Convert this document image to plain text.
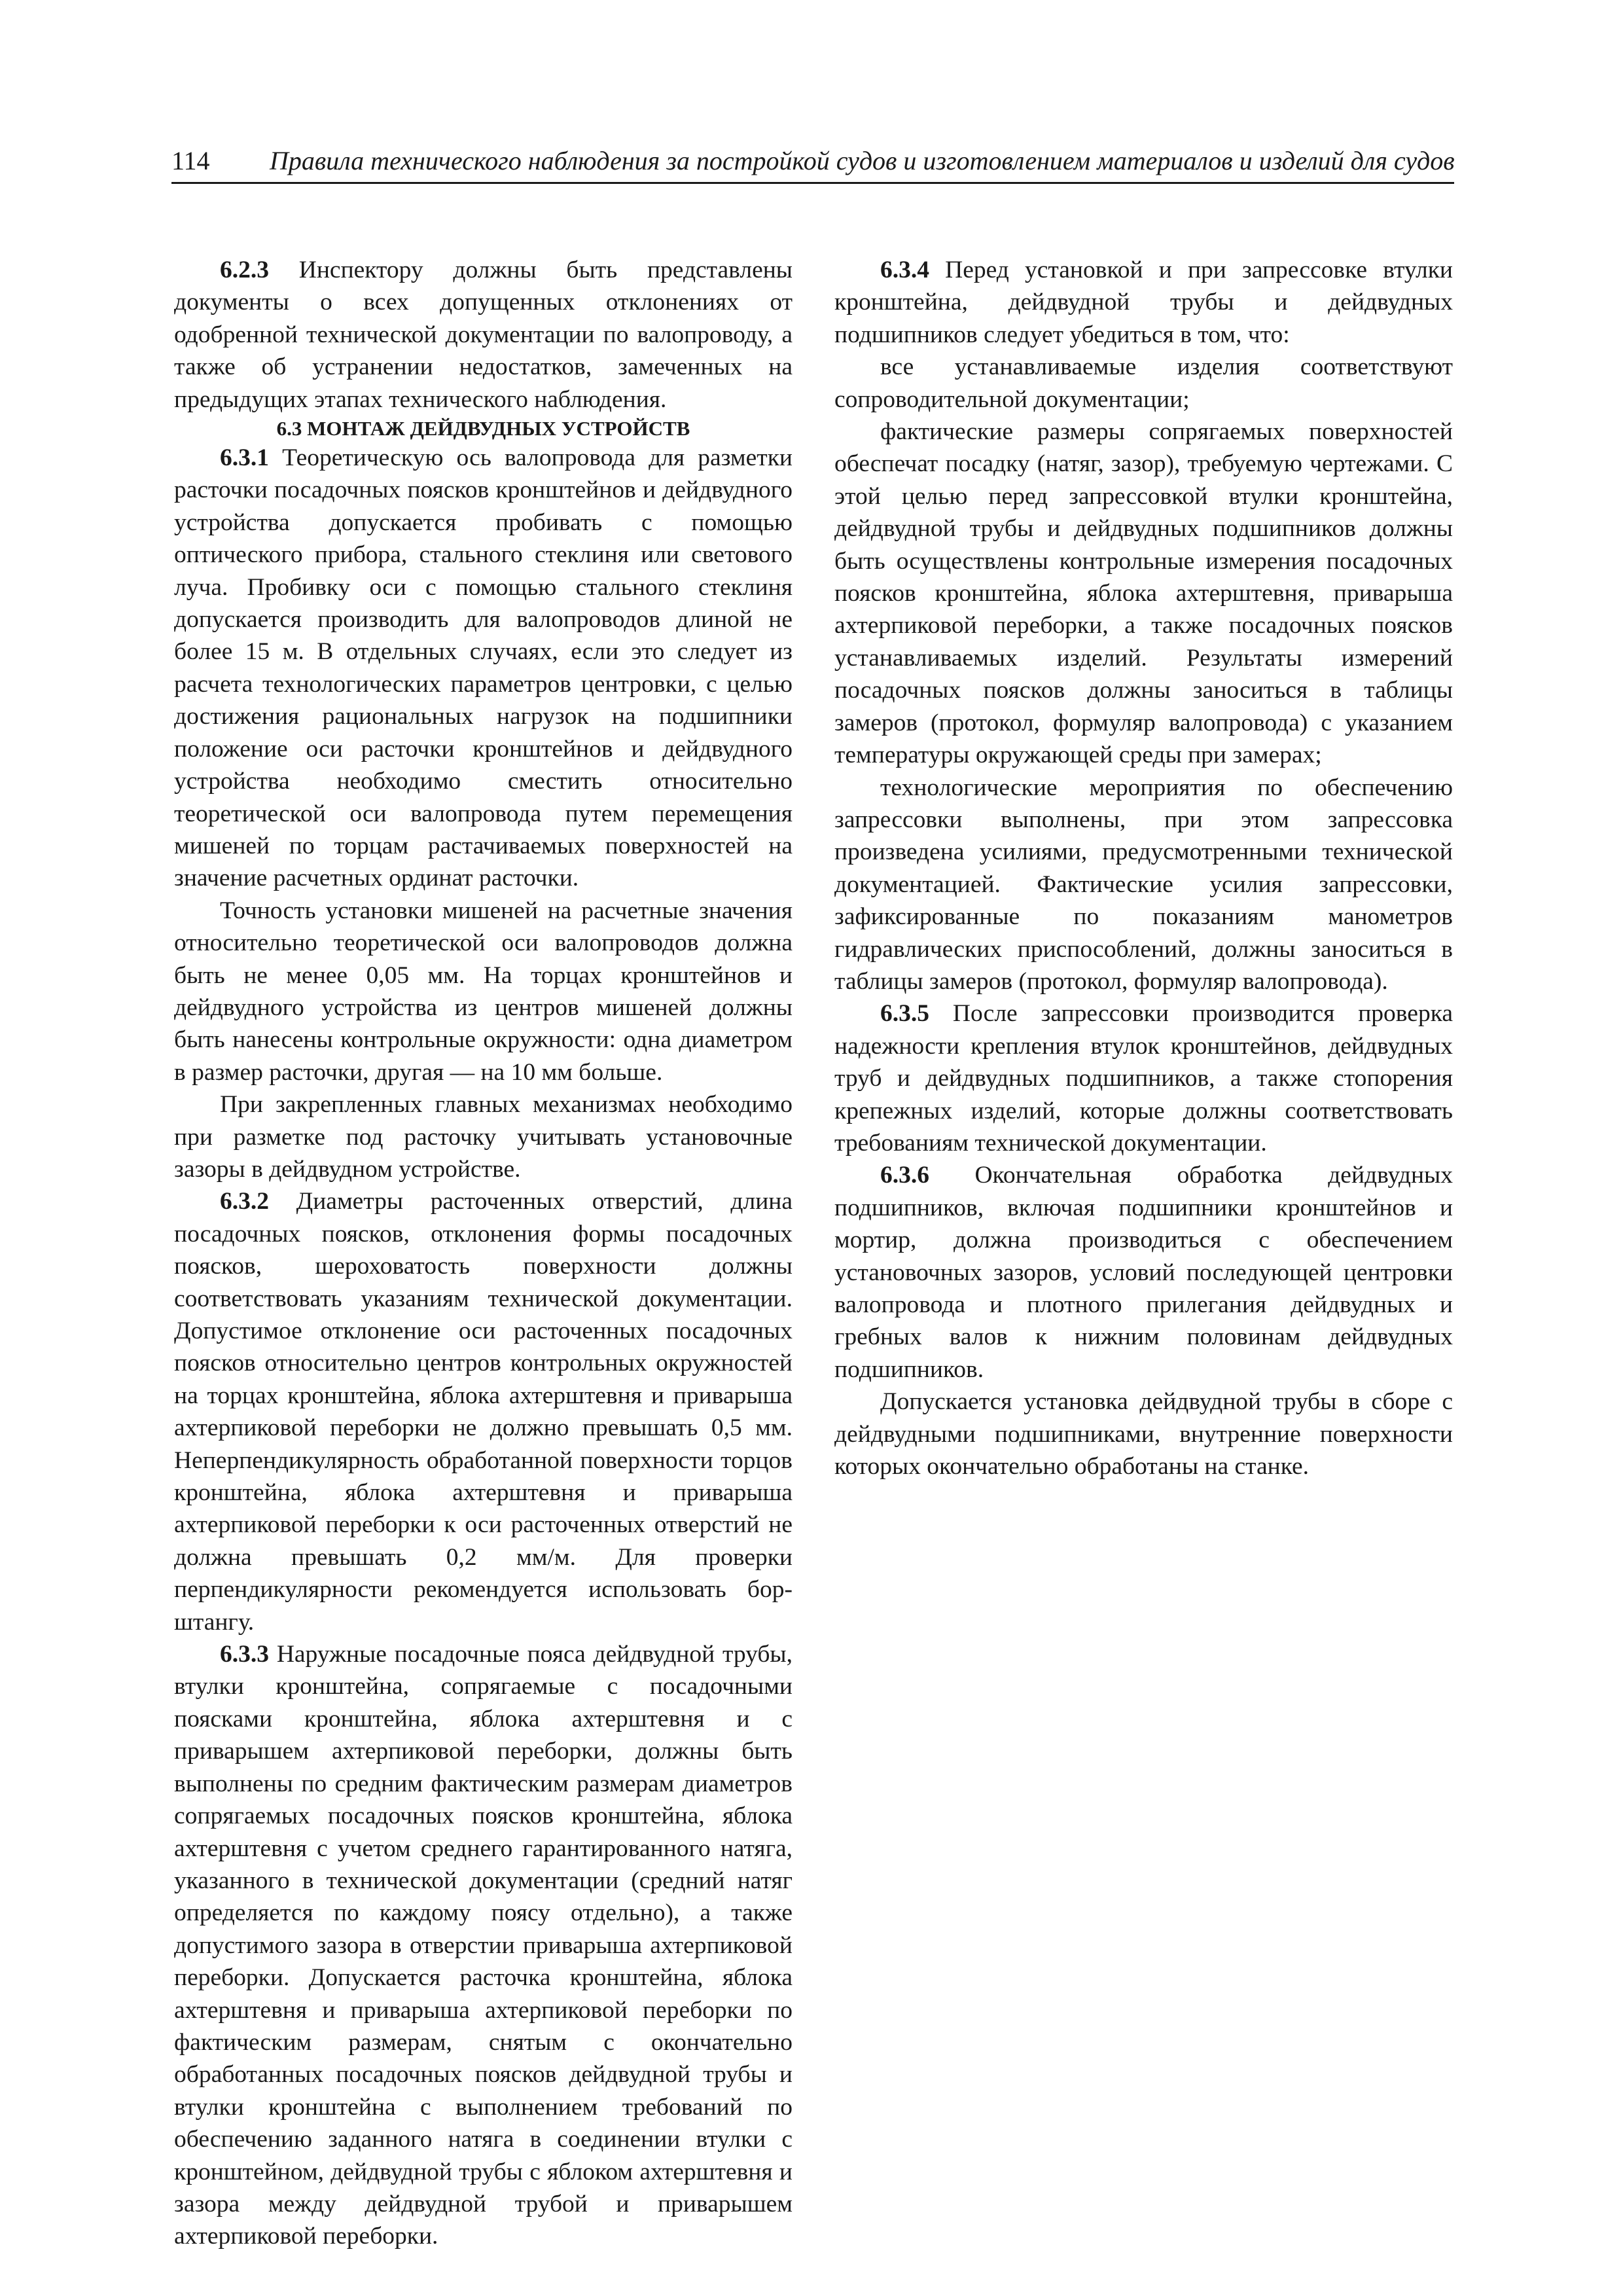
114 Правила технического наблюдения за постройкой судов и изготовлением материалов и изделий для судов

6.2.3 Инспектору должны быть представлены документы о всех допущенных отклонениях от одобренной технической документации по валопроводу, а также об устранении недостатков, замеченных на предыдущих этапах технического наблюдения.

6.3 МОНТАЖ ДЕЙДВУДНЫХ УСТРОЙСТВ

6.3.1 Теоретическую ось валопровода для разметки расточки посадочных поясков кронштейнов и дейдвудного устройства допускается пробивать с помощью оптического прибора, стального стеклиня или светового луча. Пробивку оси с помощью стального стеклиня допускается производить для валопроводов длиной не более 15 м. В отдельных случаях, если это следует из расчета технологических параметров центровки, с целью достижения рациональных нагрузок на подшипники положение оси расточки кронштейнов и дейдвудного устройства необходимо сместить относительно теоретической оси валопровода путем перемещения мишеней по торцам растачиваемых поверхностей на значение расчетных ординат расточки.

Точность установки мишеней на расчетные значения относительно теоретической оси валопроводов должна быть не менее 0,05 мм. На торцах кронштейнов и дейдвудного устройства из центров мишеней должны быть нанесены контрольные окружности: одна диаметром в размер расточки, другая — на 10 мм больше.

При закрепленных главных механизмах необходимо при разметке под расточку учитывать установочные зазоры в дейдвудном устройстве.

6.3.2 Диаметры расточенных отверстий, длина посадочных поясков, отклонения формы посадочных поясков, шероховатость поверхности должны соответствовать указаниям технической документации. Допустимое отклонение оси расточенных посадочных поясков относительно центров контрольных окружностей на торцах кронштейна, яблока ахтерштевня и приварыша ахтерпиковой переборки не должно превышать 0,5 мм. Неперпендикулярность обработанной поверхности торцов кронштейна, яблока ахтерштевня и приварыша ахтерпиковой переборки к оси расточенных отверстий не должна превышать 0,2 мм/м. Для проверки перпендикулярности рекомендуется использовать бор-штангу.

6.3.3 Наружные посадочные пояса дейдвудной трубы, втулки кронштейна, сопрягаемые с посадочными поясками кронштейна, яблока ахтерштевня и с приварышем ахтерпиковой переборки, должны быть выполнены по средним фактическим размерам диаметров сопрягаемых посадочных поясков кронштейна, яблока ахтерштевня с учетом среднего гарантированного натяга, указанного в технической документации (средний натяг определяется по каждому поясу отдельно), а также допустимого зазора в отверстии приварыша ахтерпиковой переборки. Допускается расточка кронштейна, яблока ахтерштевня и приварыша ахтерпиковой переборки по фактическим размерам, снятым с окончательно обработанных посадочных поясков дейдвудной трубы и втулки кронштейна с выполнением требований по обеспечению заданного натяга в соединении втулки с кронштейном, дейдвудной трубы с яблоком ахтерштевня и зазора между дейдвудной трубой и приварышем ахтерпиковой переборки.

6.3.4 Перед установкой и при запрессовке втулки кронштейна, дейдвудной трубы и дейдвудных подшипников следует убедиться в том, что:

все устанавливаемые изделия соответствуют сопроводительной документации;

фактические размеры сопрягаемых поверхностей обеспечат посадку (натяг, зазор), требуемую чертежами. С этой целью перед запрессовкой втулки кронштейна, дейдвудной трубы и дейдвудных подшипников должны быть осуществлены контрольные измерения посадочных поясков кронштейна, яблока ахтерштевня, приварыша ахтерпиковой переборки, а также посадочных поясков устанавливаемых изделий. Результаты измерений посадочных поясков должны заноситься в таблицы замеров (протокол, формуляр валопровода) с указанием температуры окружающей среды при замерах;

технологические мероприятия по обеспечению запрессовки выполнены, при этом запрессовка произведена усилиями, предусмотренными технической документацией. Фактические усилия запрессовки, зафиксированные по показаниям манометров гидравлических приспособлений, должны заноситься в таблицы замеров (протокол, формуляр валопровода).

6.3.5 После запрессовки производится проверка надежности крепления втулок кронштейнов, дейдвудных труб и дейдвудных подшипников, а также стопорения крепежных изделий, которые должны соответствовать требованиям технической документации.

6.3.6 Окончательная обработка дейдвудных подшипников, включая подшипники кронштейнов и мортир, должна производиться с обеспечением установочных зазоров, условий последующей центровки валопровода и плотного прилегания дейдвудных и гребных валов к нижним половинам дейдвудных подшипников.

Допускается установка дейдвудной трубы в сборе с дейдвудными подшипниками, внутренние поверхности которых окончательно обработаны на станке.
